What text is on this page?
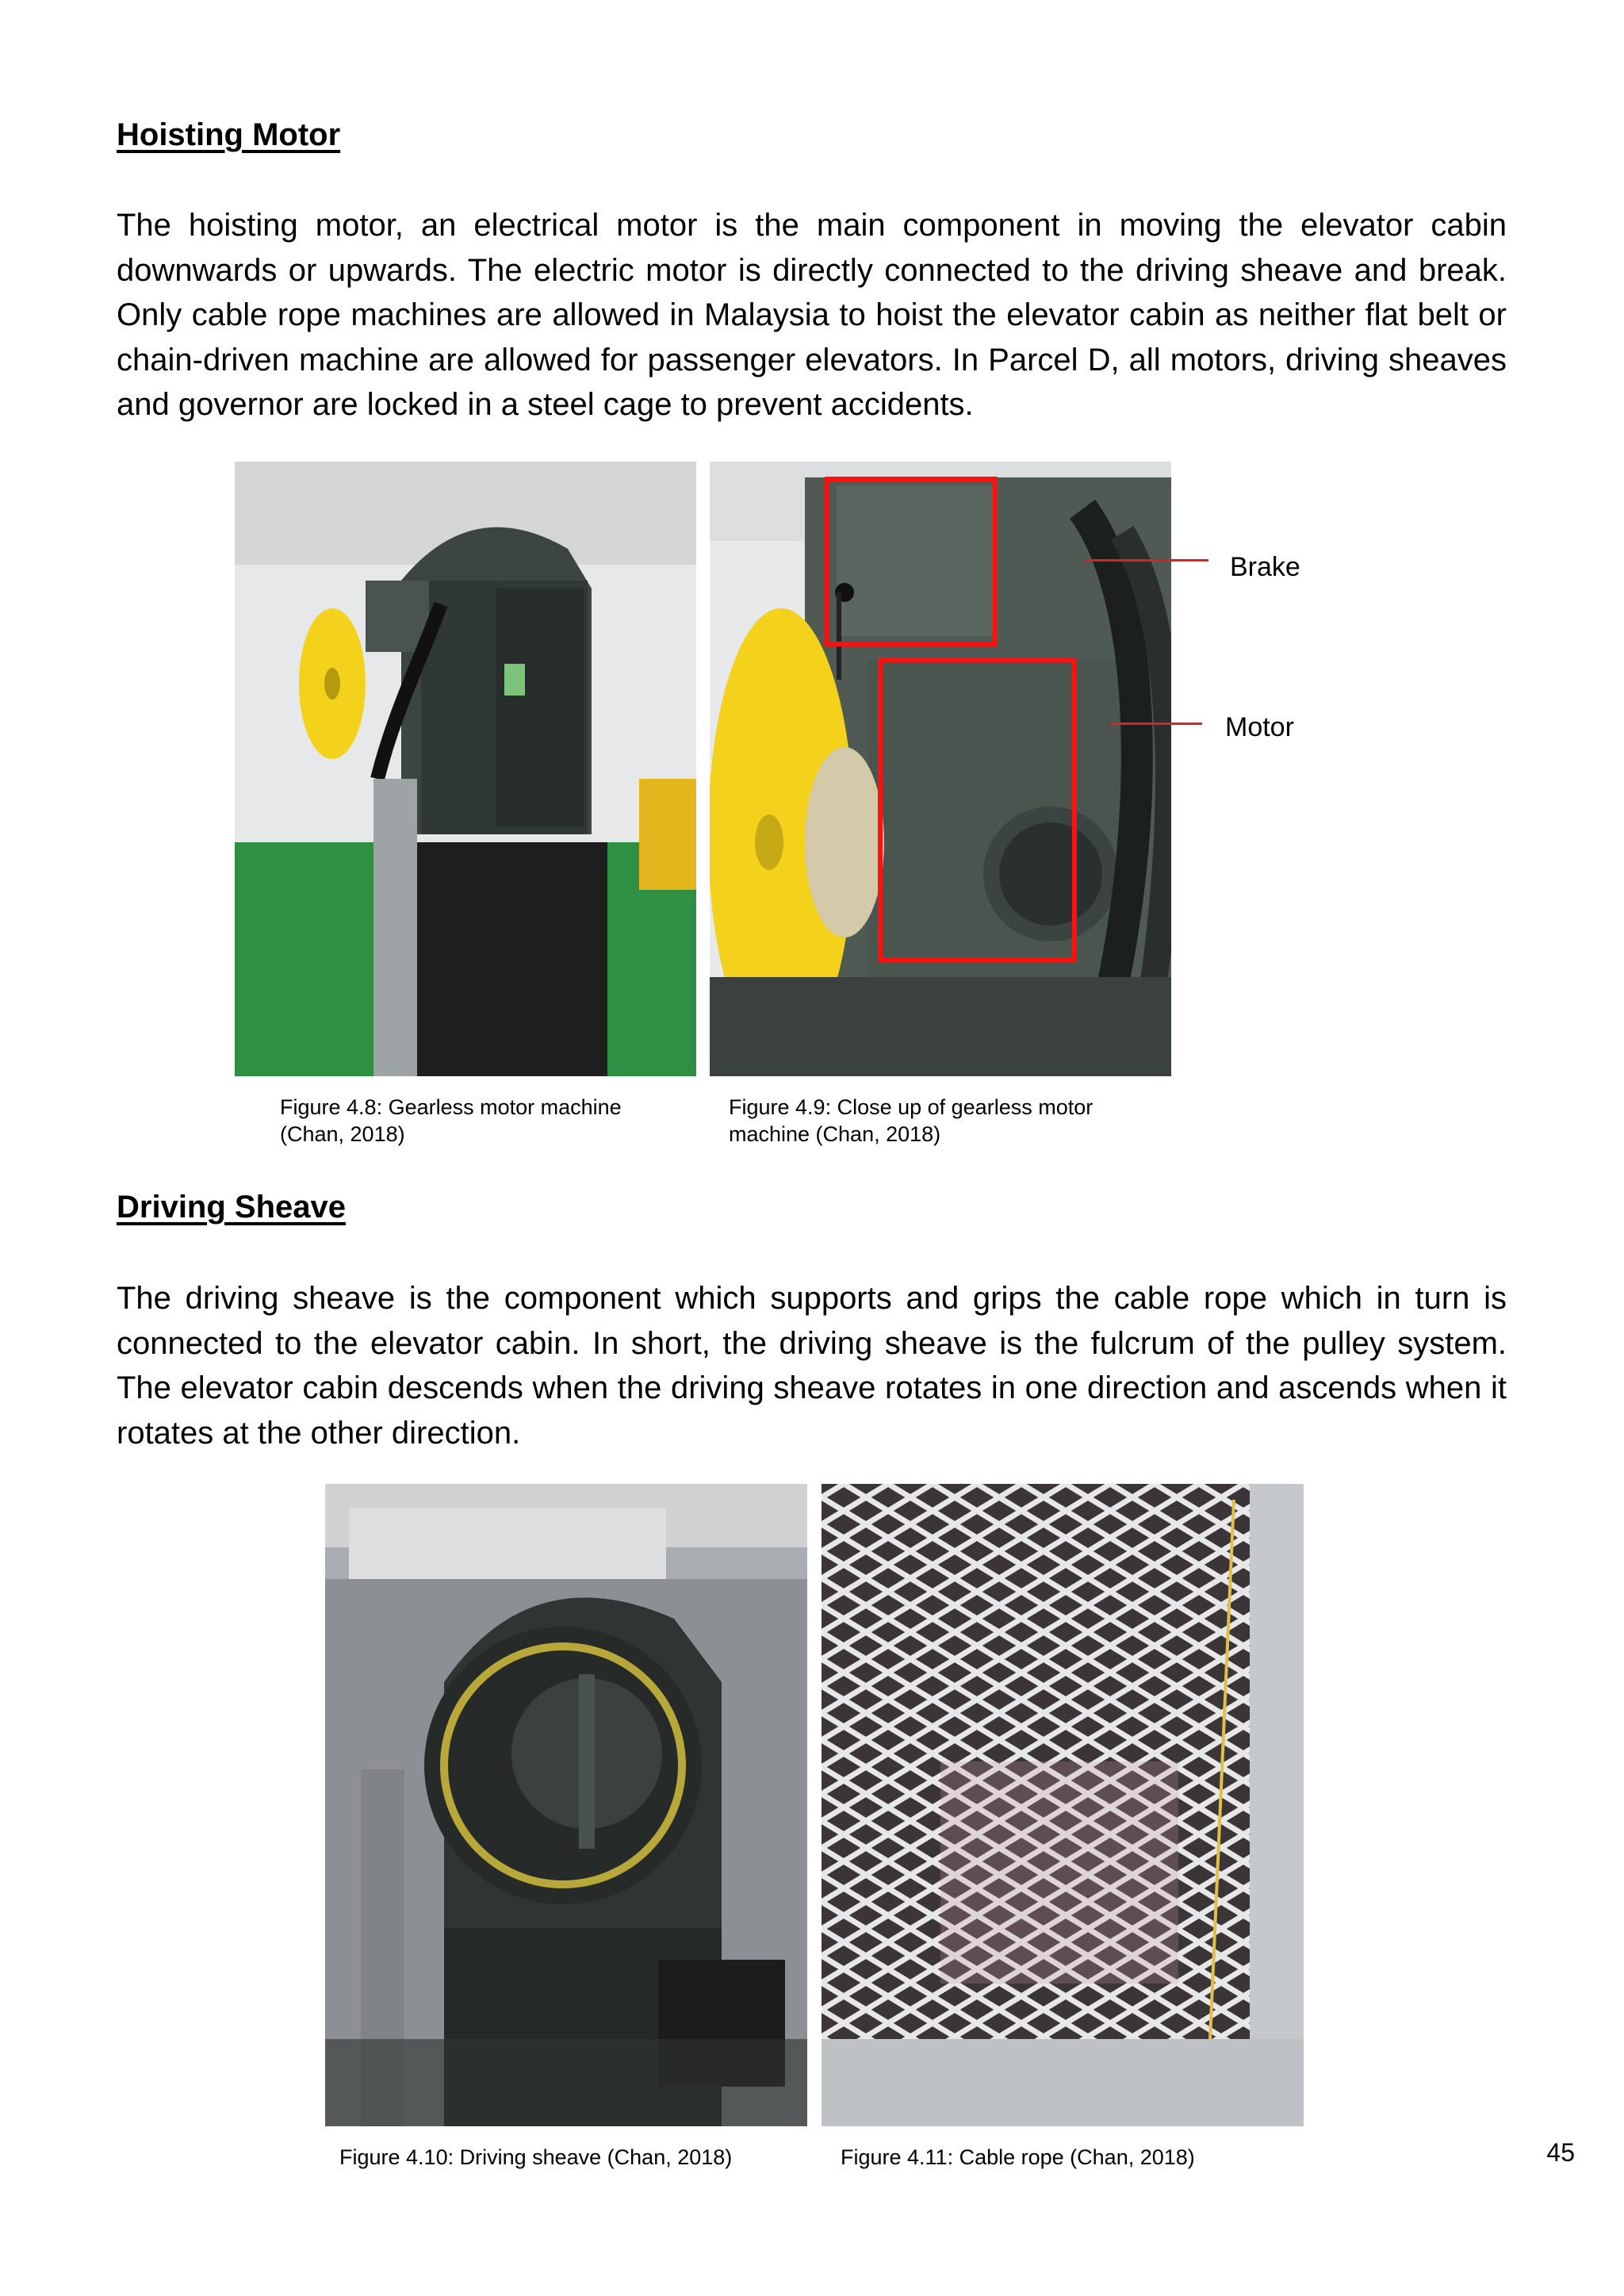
Hoisting Motor

The hoisting motor, an electrical motor is the main component in moving the elevator cabin downwards or upwards. The electric motor is directly connected to the driving sheave and break. Only cable rope machines are allowed in Malaysia to hoist the elevator cabin as neither flat belt or chain-driven machine are allowed for passenger elevators. In Parcel D, all motors, driving sheaves and governor are locked in a steel cage to prevent accidents.

Brake
Motor

Figure 4.8: Gearless motor machine
(Chan, 2018)

Figure 4.9: Close up of gearless motor
machine (Chan, 2018)

Driving Sheave

The driving sheave is the component which supports and grips the cable rope which in turn is connected to the elevator cabin. In short, the driving sheave is the fulcrum of the pulley system. The elevator cabin descends when the driving sheave rotates in one direction and ascends when it rotates at the other direction.

Figure 4.10: Driving sheave (Chan, 2018)	Figure 4.11: Cable rope (Chan, 2018)	45
